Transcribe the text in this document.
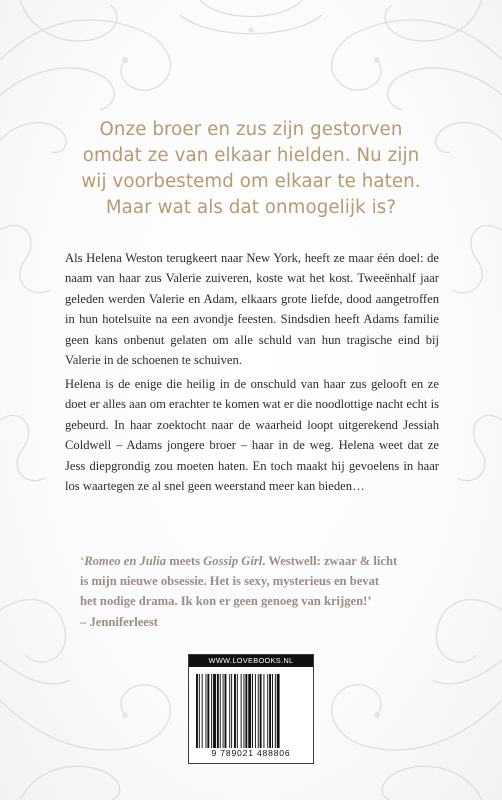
Onze broer en zus zijn gestorven
omdat ze van elkaar hielden. Nu zijn
wij voorbestemd om elkaar te haten.
Maar wat als dat onmogelijk is?

Als Helena Weston terugkeert naar New York, heeft ze maar één doel: de naam van haar zus Valerie zuiveren, koste wat het kost. Tweeënhalf jaar geleden werden Valerie en Adam, elkaars grote liefde, dood aangetroffen in hun hotelsuite na een avondje feesten. Sindsdien heeft Adams familie geen kans onbenut gelaten om alle schuld van hun tragische eind bij Valerie in de schoenen te schuiven.

Helena is de enige die heilig in de onschuld van haar zus gelooft en ze doet er alles aan om erachter te komen wat er die noodlottige nacht echt is gebeurd. In haar zoektocht naar de waarheid loopt uitgerekend Jessiah Coldwell – Adams jongere broer – haar in de weg. Helena weet dat ze Jess diepgrondig zou moeten haten. En toch maakt hij gevoelens in haar los waartegen ze al snel geen weerstand meer kan bieden…

‘Romeo en Julia meets Gossip Girl. Westwell: zwaar & licht
is mijn nieuwe obsessie. Het is sexy, mysterieus en bevat
het nodige drama. Ik kon er geen genoeg van krijgen!’
– Jenniferleest
WWW.LOVEBOOKS.NL
9 789021 488806
